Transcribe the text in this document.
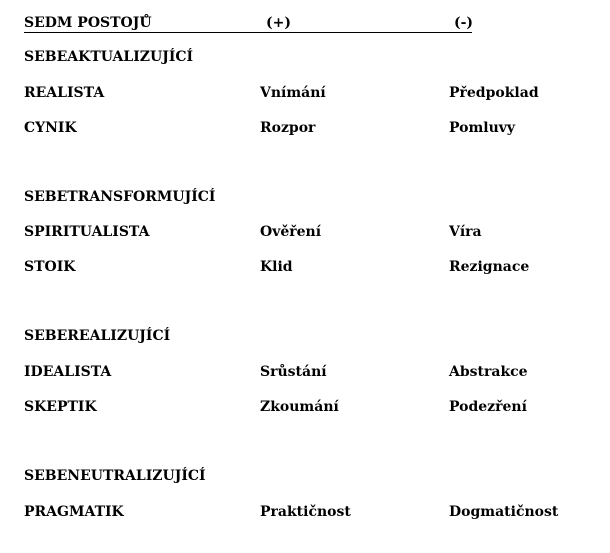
SEDM POSTOJŮ	(+)	(-)
SEBEAKTUALIZUJÍCÍ
REALISTA	Vnímání	Předpoklad
CYNIK	Rozpor	Pomluvy
SEBETRANSFORMUJÍCÍ
SPIRITUALISTA	Ověření	Víra
STOIK	Klid	Rezignace
SEBEREALIZUJÍCÍ
IDEALISTA	Srůstání	Abstrakce
SKEPTIK	Zkoumání	Podezření
SEBENEUTRALIZUJÍCÍ
PRAGMATIK	Praktičnost	Dogmatičnost
